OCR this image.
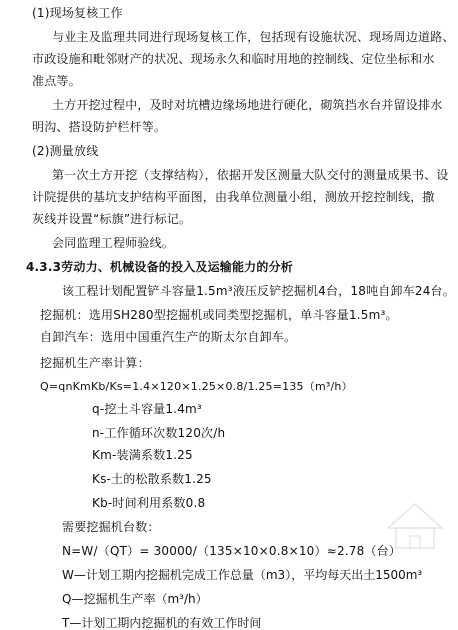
(1)现场复核工作
与业主及监理共同进行现场复核工作，包括现有设施状况、现场周边道路、
市政设施和毗邻财产的状况、现场永久和临时用地的控制线、定位坐标和水
准点等。
土方开挖过程中，及时对坑槽边缘场地进行硬化，砌筑挡水台并留设排水
明沟、搭设防护栏杆等。
(2)测量放线
第一次土方开挖（支撑结构），依据开发区测量大队交付的测量成果书、设
计院提供的基坑支护结构平面图，由我单位测量小组，测放开挖控制线，撒
灰线并设置“标旗”进行标记。
会同监理工程师验线。
4.3.3劳动力、机械设备的投入及运输能力的分析
该工程计划配置铲斗容量1.5m³液压反铲挖掘机4台，18吨自卸车24台。
挖掘机：选用SH280型挖掘机或同类型挖掘机，单斗容量1.5m³。
自卸汽车：选用中国重汽生产的斯太尔自卸车。
挖掘机生产率计算：
Q=qnKmKb/Ks=1.4×120×1.25×0.8/1.25=135（m³/h）
q-挖土斗容量1.4m³
n-工作循环次数120次/h
Km-装满系数1.25
Ks-土的松散系数1.25
Kb-时间利用系数0.8
需要挖掘机台数：
N=W/（QT）= 30000/（135×10×0.8×10）≈2.78（台）
W—计划工期内挖掘机完成工作总量（m3），平均每天出土1500m³
Q—挖掘机生产率（m³/h）
T—计划工期内挖掘机的有效工作时间
